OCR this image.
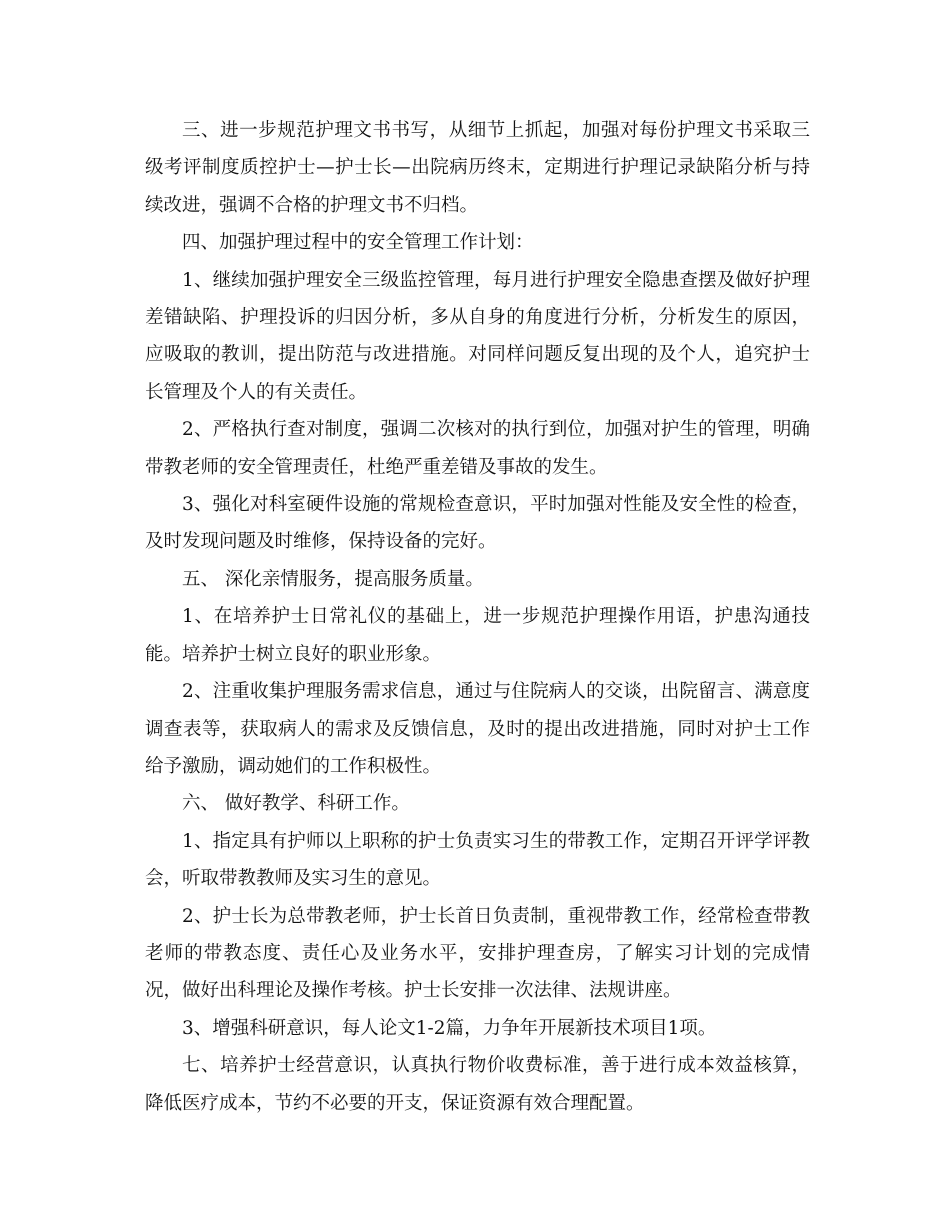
三、进一步规范护理文书书写，从细节上抓起，加强对每份护理文书采取三级考评制度质控护士—护士长—出院病历终末，定期进行护理记录缺陷分析与持续改进，强调不合格的护理文书不归档。

四、加强护理过程中的安全管理工作计划：

1、继续加强护理安全三级监控管理，每月进行护理安全隐患查摆及做好护理差错缺陷、护理投诉的归因分析，多从自身的角度进行分析，分析发生的原因，应吸取的教训，提出防范与改进措施。对同样问题反复出现的及个人，追究护士长管理及个人的有关责任。

2、严格执行查对制度，强调二次核对的执行到位，加强对护生的管理，明确带教老师的安全管理责任，杜绝严重差错及事故的发生。

3、强化对科室硬件设施的常规检查意识，平时加强对性能及安全性的检查，及时发现问题及时维修，保持设备的完好。

五、 深化亲情服务，提高服务质量。

1、在培养护士日常礼仪的基础上，进一步规范护理操作用语，护患沟通技能。培养护士树立良好的职业形象。

2、注重收集护理服务需求信息，通过与住院病人的交谈，出院留言、满意度调查表等，获取病人的需求及反馈信息，及时的提出改进措施，同时对护士工作给予激励，调动她们的工作积极性。

六、 做好教学、科研工作。

1、指定具有护师以上职称的护士负责实习生的带教工作，定期召开评学评教会，听取带教教师及实习生的意见。

2、护士长为总带教老师，护士长首日负责制，重视带教工作，经常检查带教老师的带教态度、责任心及业务水平，安排护理查房，了解实习计划的完成情况，做好出科理论及操作考核。护士长安排一次法律、法规讲座。

3、增强科研意识，每人论文1-2篇，力争年开展新技术项目1项。

七、培养护士经营意识，认真执行物价收费标准，善于进行成本效益核算，降低医疗成本，节约不必要的开支，保证资源有效合理配置。
